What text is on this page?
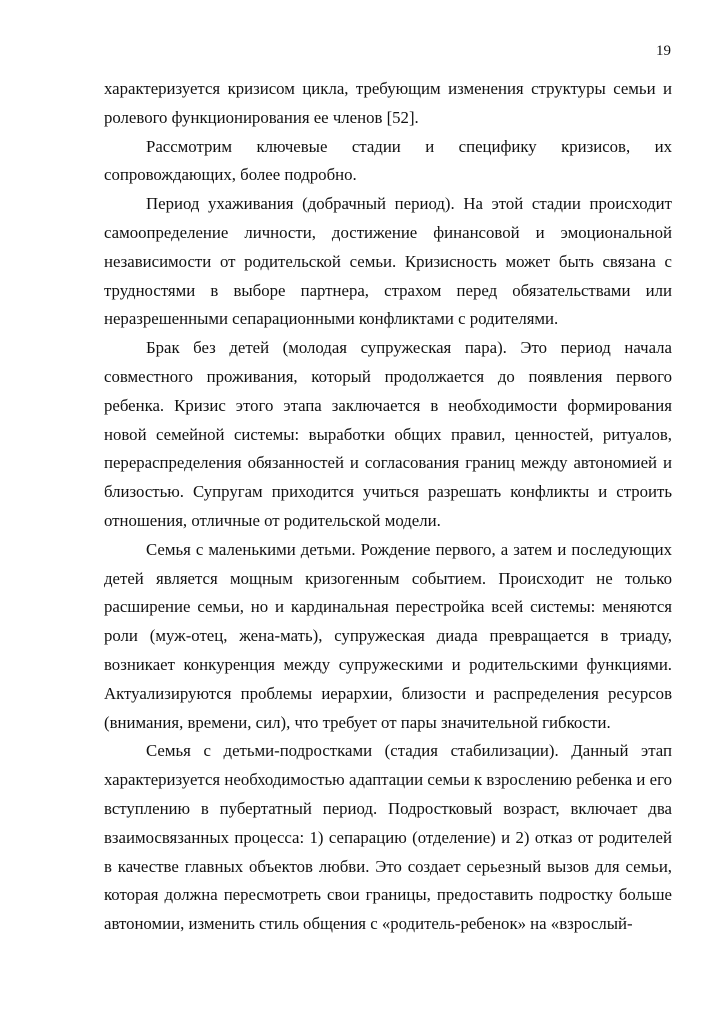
19

характеризуется кризисом цикла, требующим изменения структуры семьи и ролевого функционирования ее членов [52].

Рассмотрим ключевые стадии и специфику кризисов, их сопровождающих, более подробно.

Период ухаживания (добрачный период). На этой стадии происходит самоопределение личности, достижение финансовой и эмоциональной независимости от родительской семьи. Кризисность может быть связана с трудностями в выборе партнера, страхом перед обязательствами или неразрешенными сепарационными конфликтами с родителями.

Брак без детей (молодая супружеская пара). Это период начала совместного проживания, который продолжается до появления первого ребенка. Кризис этого этапа заключается в необходимости формирования новой семейной системы: выработки общих правил, ценностей, ритуалов, перераспределения обязанностей и согласования границ между автономией и близостью. Супругам приходится учиться разрешать конфликты и строить отношения, отличные от родительской модели.

Семья с маленькими детьми. Рождение первого, а затем и последующих детей является мощным кризогенным событием. Происходит не только расширение семьи, но и кардинальная перестройка всей системы: меняются роли (муж-отец, жена-мать), супружеская диада превращается в триаду, возникает конкуренция между супружескими и родительскими функциями. Актуализируются проблемы иерархии, близости и распределения ресурсов (внимания, времени, сил), что требует от пары значительной гибкости.

Семья с детьми-подростками (стадия стабилизации). Данный этап характеризуется необходимостью адаптации семьи к взрослению ребенка и его вступлению в пубертатный период. Подростковый возраст, включает два взаимосвязанных процесса: 1) сепарацию (отделение) и 2) отказ от родителей в качестве главных объектов любви. Это создает серьезный вызов для семьи, которая должна пересмотреть свои границы, предоставить подростку больше автономии, изменить стиль общения с «родитель-ребенок» на «взрослый-
